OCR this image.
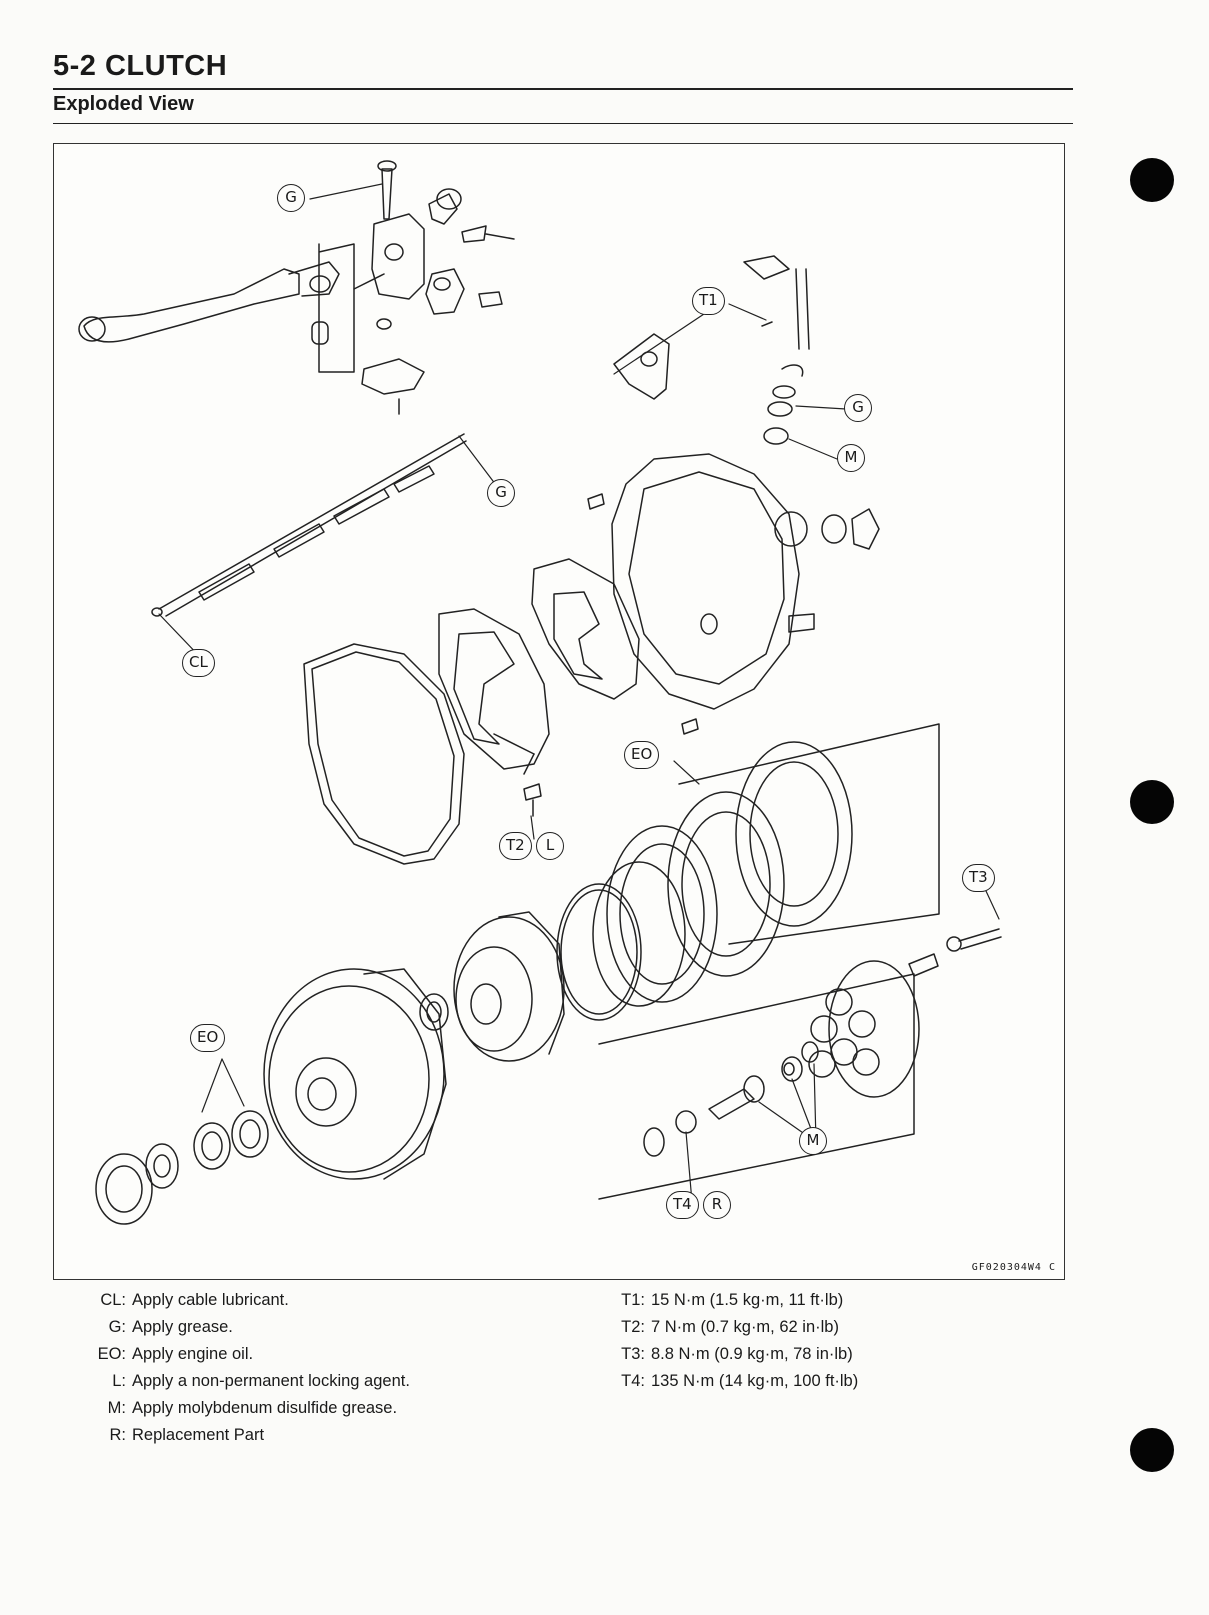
5-2 CLUTCH
Exploded View
G
T1
G
M
G
CL
EO
T2	L
T3
EO
M
T4	R
GF020304W4 C
CL: Apply cable lubricant.
G: Apply grease.
EO: Apply engine oil.
L: Apply a non-permanent locking agent.
M: Apply molybdenum disulfide grease.
R: Replacement Part
T1: 15 N·m (1.5 kg·m, 11 ft·lb)
T2: 7 N·m (0.7 kg·m, 62 in·lb)
T3: 8.8 N·m (0.9 kg·m, 78 in·lb)
T4: 135 N·m (14 kg·m, 100 ft·lb)
